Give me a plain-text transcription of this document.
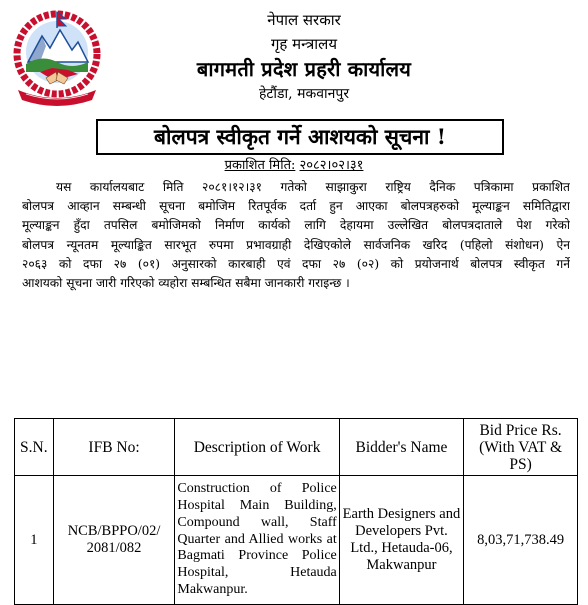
नेपाल सरकार
गृह मन्त्रालय
बागमती प्रदेश प्रहरी कार्यालय
हेटौंडा, मकवानपुर
बोलपत्र स्वीकृत गर्ने आशयको सूचना !
प्रकाशित मिति: २०८२।०२।३१
यस कार्यालयबाट मिति २०८१।१२।३१ गतेको साझाकुरा राष्ट्रिय दैनिक पत्रिकामा प्रकाशित
बोलपत्र आव्हान सम्बन्धी सूचना बमोजिम रितपूर्वक दर्ता हुन आएका बोलपत्रहरुको मूल्याङ्कन समितिद्वारा
मूल्याङ्कन हुँदा तपसिल बमोजिमको निर्माण कार्यको लागि देहायमा उल्लेखित बोलपत्रदाताले पेश गरेको
बोलपत्र न्यूनतम मूल्याङ्कित सारभूत रुपमा प्रभावग्राही देखिएकोले सार्वजनिक खरिद (पहिलो संशोधन) ऐन
२०६३ को दफा २७ (०१) अनुसारको कारबाही एवं दफा २७ (०२) को प्रयोजनार्थ बोलपत्र स्वीकृत गर्ने
आशयको सूचना जारी गरिएको व्यहोरा सम्बन्धित सबैमा जानकारी गराइन्छ ।
S.N.	IFB No:	Description of Work	Bidder's Name	Bid Price Rs. (With VAT & PS)
1	NCB/BPPO/02/ 2081/082	Construction of Police Hospital Main Building, Compound wall, Staff Quarter and Allied works at Bagmati Province Police Hospital, Hetauda Makwanpur.	Earth Designers and Developers Pvt. Ltd., Hetauda-06, Makwanpur	8,03,71,738.49
